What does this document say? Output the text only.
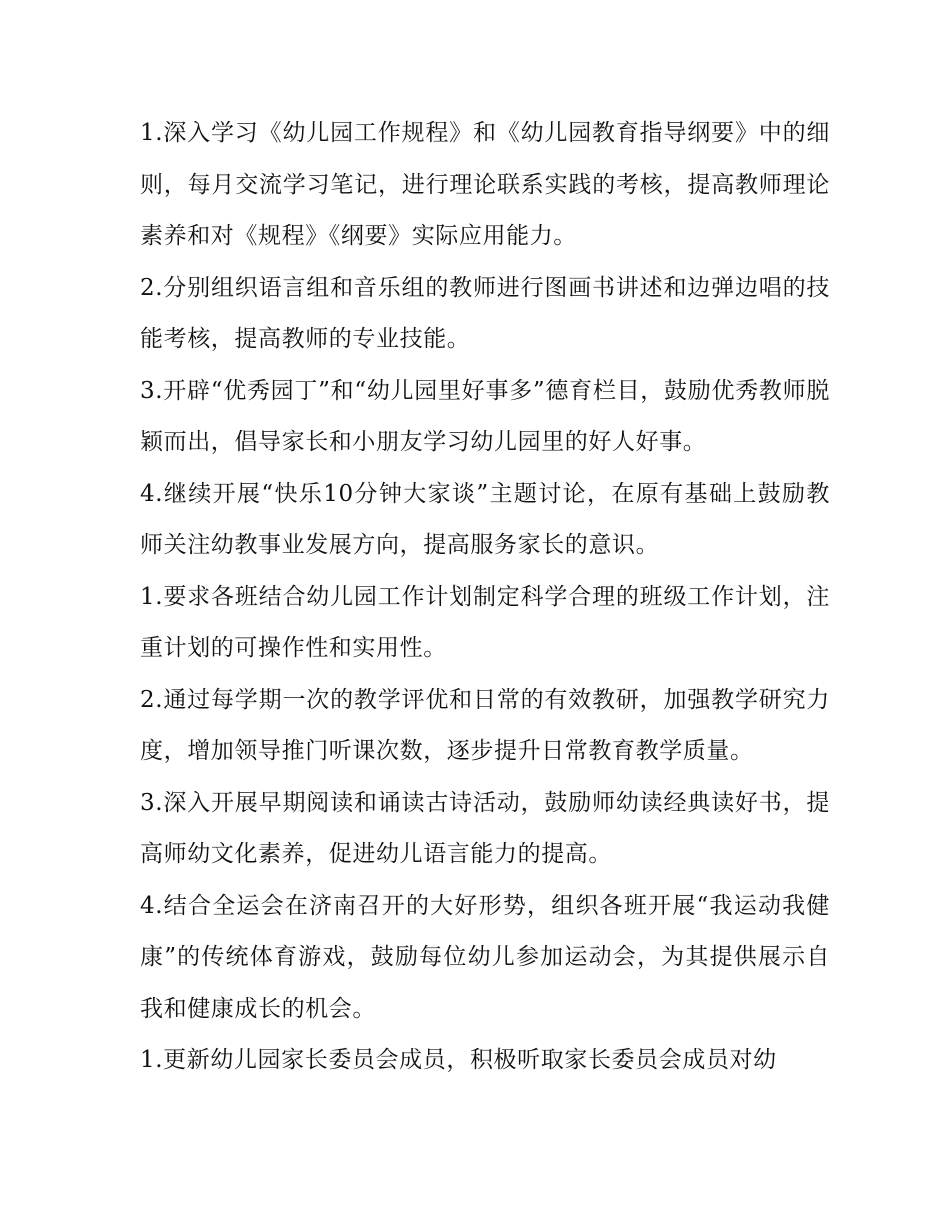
1.深入学习《幼儿园工作规程》和《幼儿园教育指导纲要》中的细则，每月交流学习笔记，进行理论联系实践的考核，提高教师理论素养和对《规程》《纲要》实际应用能力。

2.分别组织语言组和音乐组的教师进行图画书讲述和边弹边唱的技能考核，提高教师的专业技能。

3.开辟“优秀园丁”和“幼儿园里好事多”德育栏目，鼓励优秀教师脱颖而出，倡导家长和小朋友学习幼儿园里的好人好事。

4.继续开展“快乐10分钟大家谈”主题讨论，在原有基础上鼓励教师关注幼教事业发展方向，提高服务家长的意识。

1.要求各班结合幼儿园工作计划制定科学合理的班级工作计划，注重计划的可操作性和实用性。

2.通过每学期一次的教学评优和日常的有效教研，加强教学研究力度，增加领导推门听课次数，逐步提升日常教育教学质量。

3.深入开展早期阅读和诵读古诗活动，鼓励师幼读经典读好书，提高师幼文化素养，促进幼儿语言能力的提高。

4.结合全运会在济南召开的大好形势，组织各班开展“我运动我健康”的传统体育游戏，鼓励每位幼儿参加运动会，为其提供展示自我和健康成长的机会。

1.更新幼儿园家长委员会成员，积极听取家长委员会成员对幼
